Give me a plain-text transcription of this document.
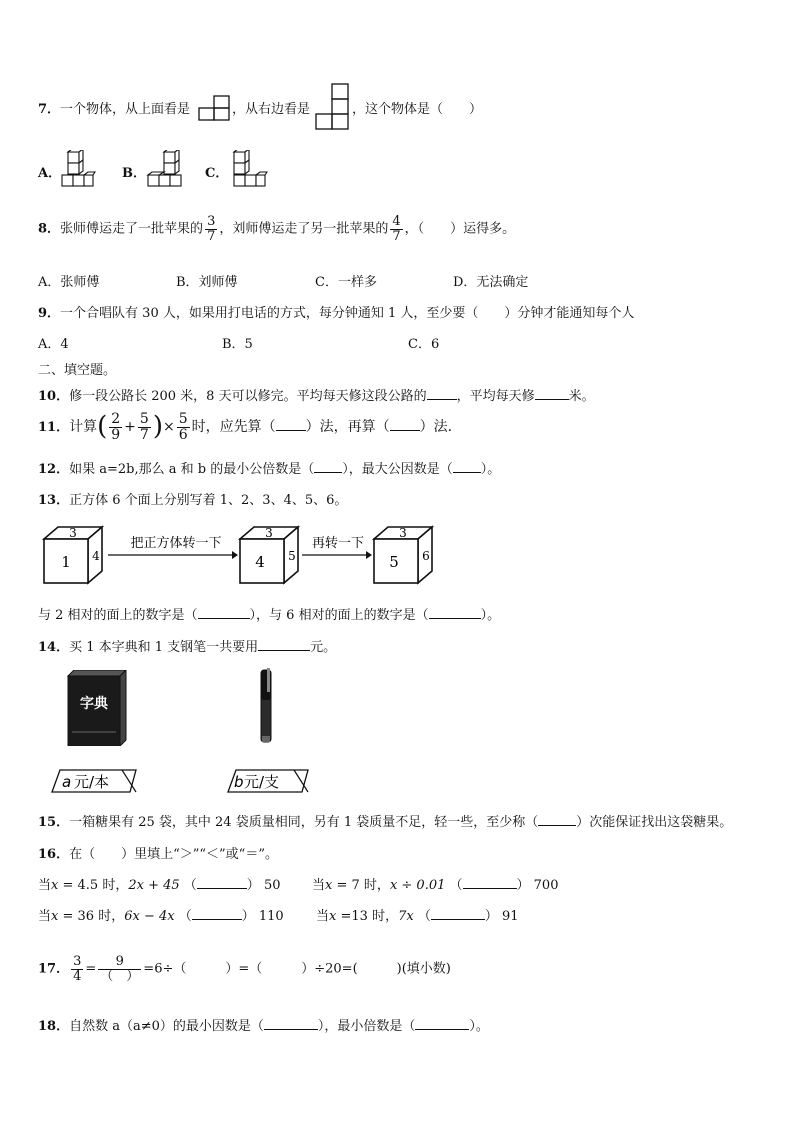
7．一个物体，从上面看是	，从右边看是	，这个物体是（　　）
A．	B．	C．
8．张师傅运走了一批苹果的 $\frac{3}{7}$ ，刘师傅运走了另一批苹果的 $\frac{4}{7}$ ，（　　）运得多。
A．张师傅	B．刘师傅	C．一样多	D．无法确定
9．一个合唱队有 30 人，如果用打电话的方式，每分钟通知 1 人，至少要（　　）分钟才能通知每个人
A．4	B．5	C．6
二、填空题。
10．修一段公路长 200 米，8 天可以修完。平均每天修这段公路的 ，平均每天修	米。
11．计算( $\frac{2}{9} + \frac{5}{7}$ )× $\frac{5}{6}$ 时，应先算（ ）法，再算（ ）法.
12．如果 a=2b,那么 a 和 b 的最小公倍数是（ ），最大公因数是（ ）。
13．正方体 6 个面上分别写着 1、2、3、4、5、6。
3
1 4
把正方体转一下
3
4 5
再转一下
3
5 6
与 2 相对的面上的数字是（	），与 6 相对的面上的数字是（	）。
14．买 1 本字典和 1 支钢笔一共要用	元。
字典
a 元/本	b 元/支
15．一箱糖果有 25 袋，其中 24 袋质量相同，另有 1 袋质量不足，轻一些，至少称（	）次能保证找出这袋糖果。
16．在（　　）里填上“＞”“＜”或“＝”。
当x = 4.5 时，2x + 45 （	） 50 当x = 7 时，x ÷ 0.01 （	） 700
当x = 36 时，6x − 4x （	） 110 当x =13 时，7x （	） 91
17． $\frac{3}{4} = \frac{9}{( )} =6\div$（　　　）=（　　　）÷20=(　　　)(填小数)
18．自然数 a（a≠0）的最小因数是（	），最小倍数是（	）。
